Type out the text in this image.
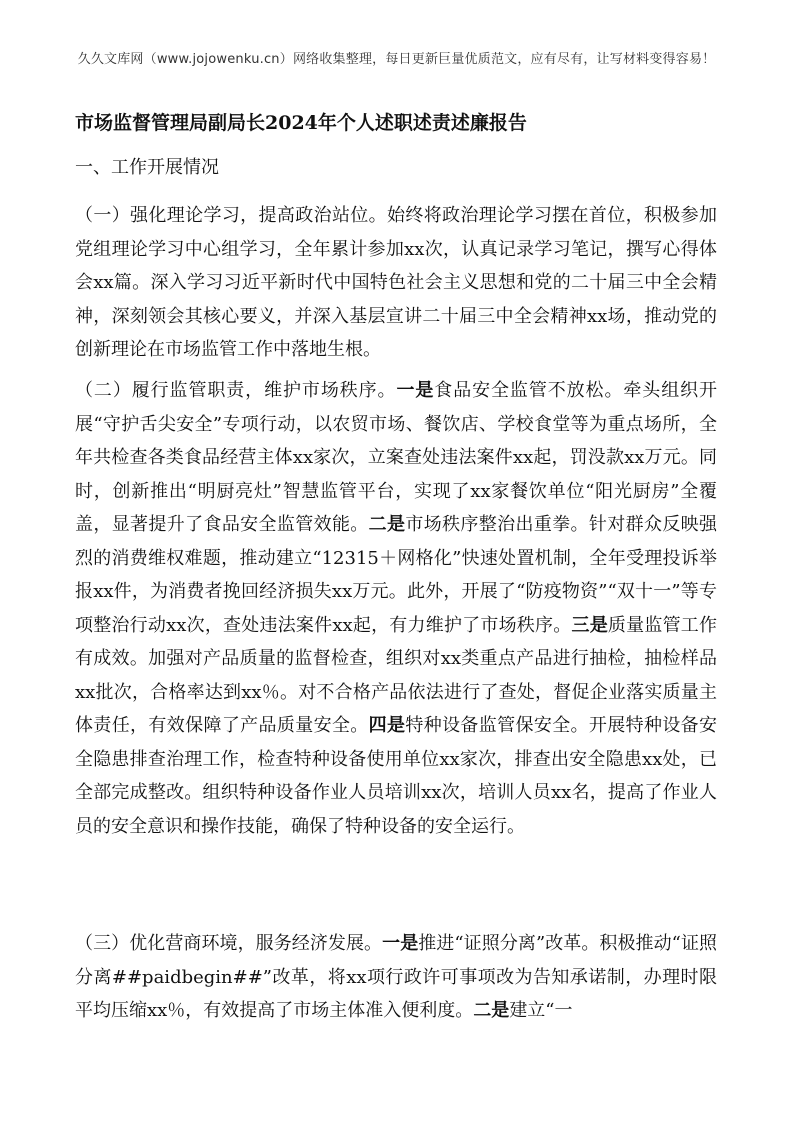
久久文库网（www.jojowenku.cn）网络收集整理，每日更新巨量优质范文，应有尽有，让写材料变得容易！
市场监督管理局副局长2024年个人述职述责述廉报告
一、工作开展情况

（一）强化理论学习，提高政治站位。始终将政治理论学习摆在首位，积极参加党组理论学习中心组学习，全年累计参加xx次，认真记录学习笔记，撰写心得体会xx篇。深入学习习近平新时代中国特色社会主义思想和党的二十届三中全会精神，深刻领会其核心要义，并深入基层宣讲二十届三中全会精神xx场，推动党的创新理论在市场监管工作中落地生根。

（二）履行监管职责，维护市场秩序。一是食品安全监管不放松。牵头组织开展“守护舌尖安全”专项行动，以农贸市场、餐饮店、学校食堂等为重点场所，全年共检查各类食品经营主体xx家次，立案查处违法案件xx起，罚没款xx万元。同时，创新推出“明厨亮灶”智慧监管平台，实现了xx家餐饮单位“阳光厨房”全覆盖，显著提升了食品安全监管效能。二是市场秩序整治出重拳。针对群众反映强烈的消费维权难题，推动建立“12315＋网格化”快速处置机制，全年受理投诉举报xx件，为消费者挽回经济损失xx万元。此外，开展了“防疫物资”“双十一”等专项整治行动xx次，查处违法案件xx起，有力维护了市场秩序。三是质量监管工作有成效。加强对产品质量的监督检查，组织对xx类重点产品进行抽检，抽检样品xx批次，合格率达到xx％。对不合格产品依法进行了查处，督促企业落实质量主体责任，有效保障了产品质量安全。四是特种设备监管保安全。开展特种设备安全隐患排查治理工作，检查特种设备使用单位xx家次，排查出安全隐患xx处，已全部完成整改。组织特种设备作业人员培训xx次，培训人员xx名，提高了作业人员的安全意识和操作技能，确保了特种设备的安全运行。

（三）优化营商环境，服务经济发展。一是推进“证照分离”改革。积极推动“证照分离##paidbegin##”改革，将xx项行政许可事项改为告知承诺制，办理时限平均压缩xx％，有效提高了市场主体准入便利度。二是建立“一
